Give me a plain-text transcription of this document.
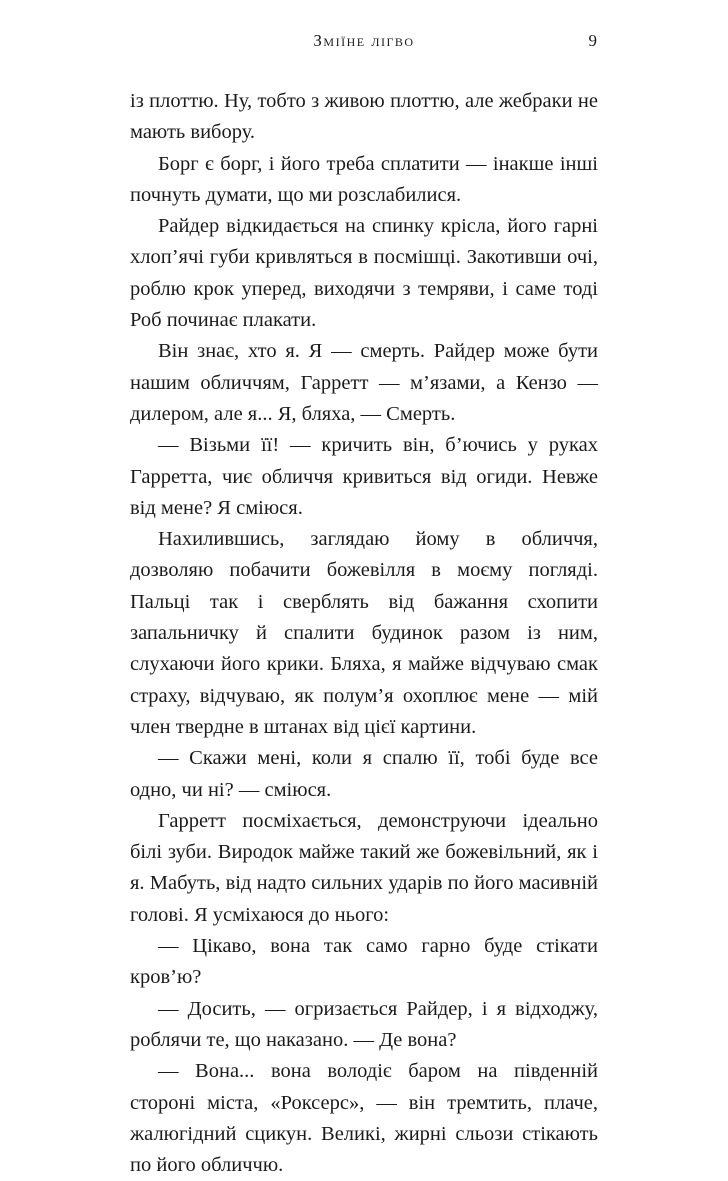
Зміїне лігво	9

із плоттю. Ну, тобто з живою плоттю, але жебраки не мають вибору.

Борг є борг, і його треба сплатити — інакше інші почнуть думати, що ми розслабилися.

Райдер відкидається на спинку крісла, його гарні хлоп’ячі губи кривляться в посмішці. Закотивши очі, роблю крок уперед, виходячи з темряви, і саме тоді Роб починає плакати.

Він знає, хто я. Я — смерть. Райдер може бути нашим обличчям, Гарретт — м’язами, а Кензо — дилером, але я... Я, бляха, — Смерть.

— Візьми її! — кричить він, б’ючись у руках Гарретта, чиє обличчя кривиться від огиди. Невже від мене? Я сміюся.

Нахилившись, заглядаю йому в обличчя, дозволяю побачити божевілля в моєму погляді. Пальці так і сверблять від бажання схопити запальничку й спалити будинок разом із ним, слухаючи його крики. Бляха, я майже відчуваю смак страху, відчуваю, як полум’я охоплює мене — мій член твердне в штанах від цієї картини.

— Скажи мені, коли я спалю її, тобі буде все одно, чи ні? — сміюся.

Гарретт посміхається, демонструючи ідеально білі зуби. Виродок майже такий же божевільний, як і я. Мабуть, від надто сильних ударів по його масивній голові. Я усміхаюся до нього:

— Цікаво, вона так само гарно буде стікати кров’ю?

— Досить, — огризається Райдер, і я відходжу, роблячи те, що наказано. — Де вона?

— Вона... вона володіє баром на південній стороні міста, «Роксерс», — він тремтить, плаче, жалюгідний сцикун. Великі, жирні сльози стікають по його обличчю.
